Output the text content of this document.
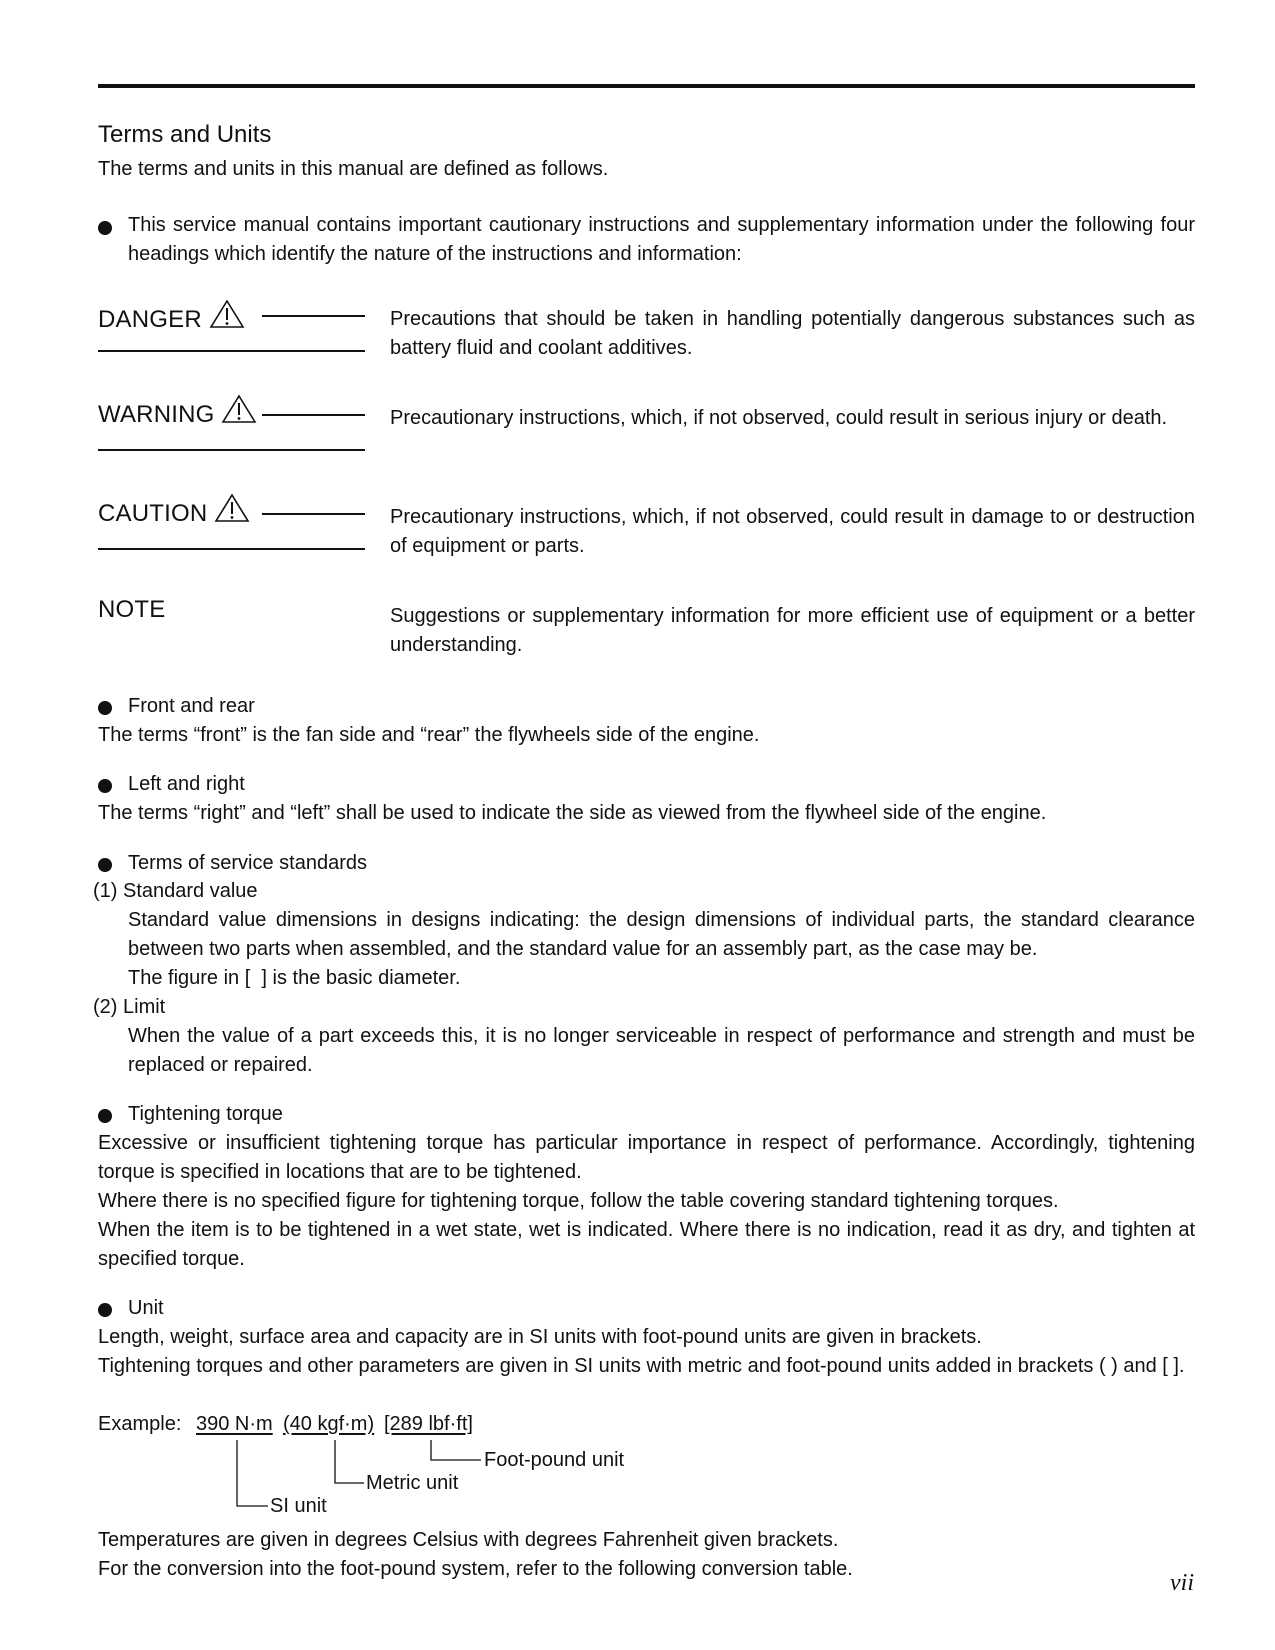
Terms and Units

The terms and units in this manual are defined as follows.

This service manual contains important cautionary instructions and supplementary information under the following four headings which identify the nature of the instructions and information:

DANGER	Precautions that should be taken in handling potentially dangerous substances such as battery fluid and coolant additives.
WARNING	Precautionary instructions, which, if not observed, could result in serious injury or death.
CAUTION	Precautionary instructions, which, if not observed, could result in damage to or destruction of equipment or parts.
NOTE	Suggestions or supplementary information for more efficient use of equipment or a better understanding.

Front and rear

The terms “front” is the fan side and “rear” the flywheels side of the engine.

Left and right

The terms “right” and “left” shall be used to indicate the side as viewed from the flywheel side of the engine.

Terms of service standards

(1) Standard value

Standard value dimensions in designs indicating: the design dimensions of individual parts, the standard clearance between two parts when assembled, and the standard value for an assembly part, as the case may be.

The figure in [  ] is the basic diameter.

(2) Limit

When the value of a part exceeds this, it is no longer serviceable in respect of performance and strength and must be replaced or repaired.

Tightening torque

Excessive or insufficient tightening torque has particular importance in respect of performance. Accordingly, tightening torque is specified in locations that are to be tightened.

Where there is no specified figure for tightening torque, follow the table covering standard tightening torques.

When the item is to be tightened in a wet state, wet is indicated. Where there is no indication, read it as dry, and tighten at specified torque.

Unit

Length, weight, surface area and capacity are in SI units with foot-pound units are given in brackets.

Tightening torques and other parameters are given in SI units with metric and foot-pound units added in brackets ( ) and [ ].

Example: 390 N·m (40 kgf·m) [289 lbf·ft]

Foot-pound unit

Metric unit

SI unit

Temperatures are given in degrees Celsius with degrees Fahrenheit given brackets.

For the conversion into the foot-pound system, refer to the following conversion table.

vii
